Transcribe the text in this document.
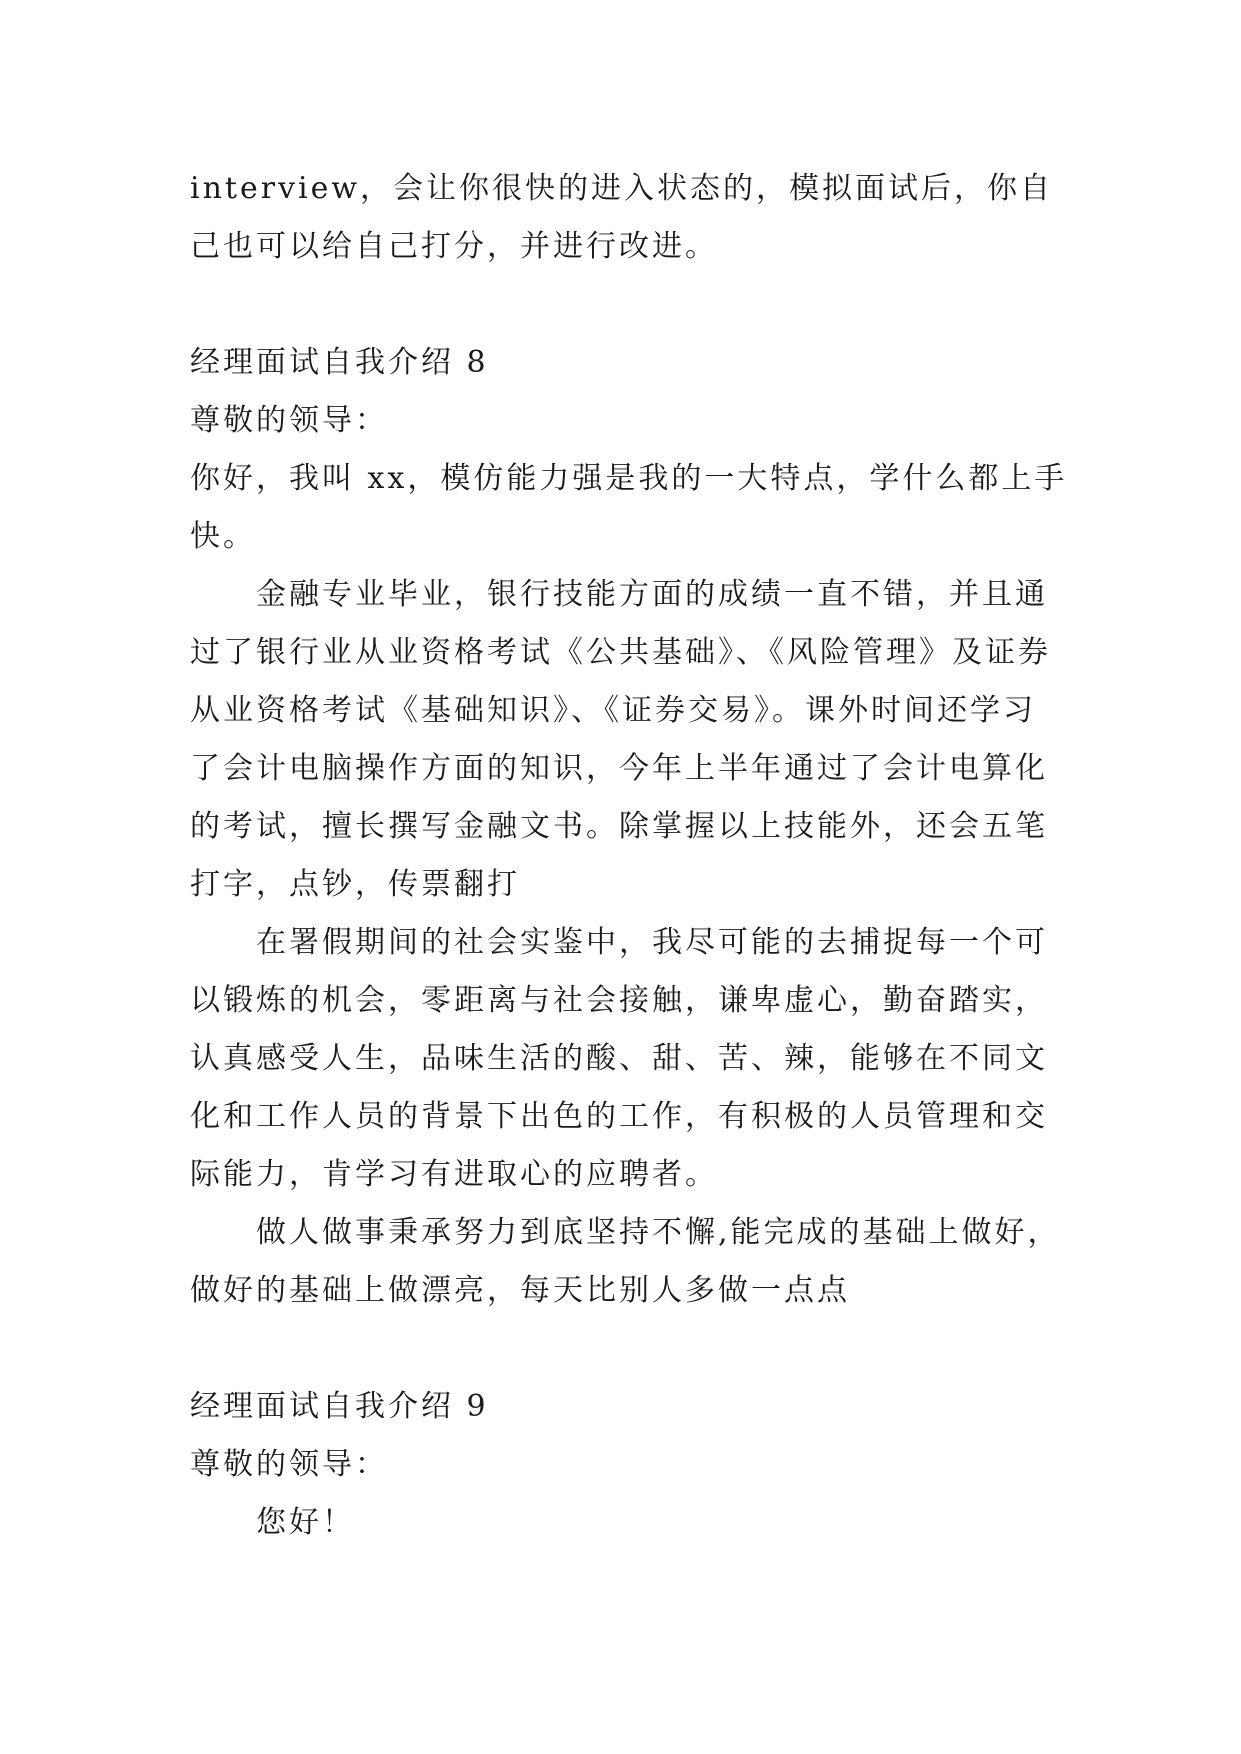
interview，会让你很快的进入状态的，模拟面试后，你自
己也可以给自己打分，并进行改进。
经理面试自我介绍 8
尊敬的领导：
你好，我叫 xx，模仿能力强是我的一大特点，学什么都上手
快。
金融专业毕业，银行技能方面的成绩一直不错，并且通
过了银行业从业资格考试《公共基础》、《风险管理》及证券
从业资格考试《基础知识》、《证券交易》。课外时间还学习
了会计电脑操作方面的知识，今年上半年通过了会计电算化
的考试，擅长撰写金融文书。除掌握以上技能外，还会五笔
打字，点钞，传票翻打
在署假期间的社会实鉴中，我尽可能的去捕捉每一个可
以锻炼的机会，零距离与社会接触，谦卑虚心，勤奋踏实，
认真感受人生，品味生活的酸、甜、苦、辣，能够在不同文
化和工作人员的背景下出色的工作，有积极的人员管理和交
际能力，肯学习有进取心的应聘者。
做人做事秉承努力到底坚持不懈,能完成的基础上做好，
做好的基础上做漂亮，每天比别人多做一点点
经理面试自我介绍 9
尊敬的领导：
您好！
